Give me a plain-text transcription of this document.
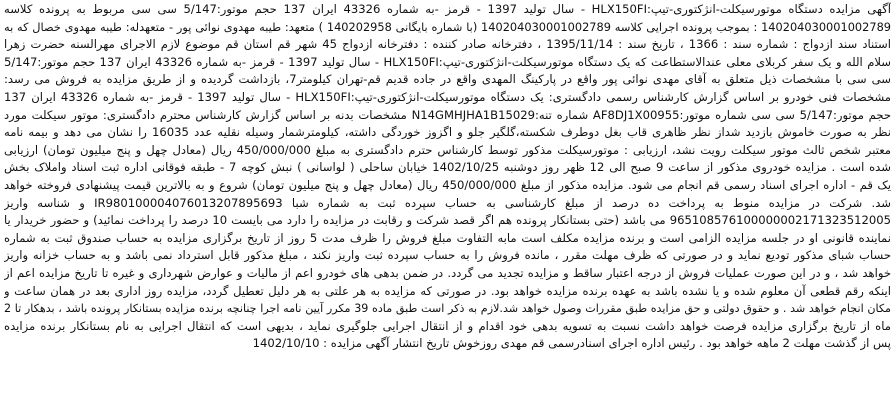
آگهی مزایده دستگاه موتورسیکلت-انژکتوری-تیپ:HLX150FI - سال تولید 1397 - قرمز -به شماره 43326 ایران 137 حجم موتور:5/147 سی سی مربوط به پرونده کلاسه
140204030001002789 : بموجب پرونده اجرایی کلاسه 140204030001002789 (با شماره بایگانی 140202958 ) متعهد: طیبه مهدوی نوائی پور - متعهدله: طیبه مهدوی خصال که به
استناد سند ازدواج : شماره سند : 1366 ، تاریخ سند : 1395/11/14 ، دفترخانه صادر کننده : دفترخانه ازدواج 45 شهر قم استان قم موضوع لازم الاجرای مهرالسنه حضرت زهرا
سلام الله و یک سفر کربلای معلی عندالاستطاعت که یک دستگاه موتورسیکلت-انژکتوری-تیپ:HLX150FI - سال تولید 1397 - قرمز -به شماره 43326 ایران 137 حجم موتور:5/147
سی سی با مشخصات ذیل متعلق به آقای مهدی نوائی پور واقع در پارکینگ المهدی واقع در جاده قدیم قم-تهران کیلومتر7، بازداشت گردیده و از طریق مزایده به فروش می رسد:
مشخصات فنی خودرو بر اساس گزارش کارشناس رسمی دادگستری: یک دستگاه موتورسیکلت-انژکتوری-تیپ:HLX150FI - سال تولید 1397 - قرمز -به شماره 43326 ایران 137
حجم موتور:5/147 سی سی شماره موتور:AF8DJ1X00955 شماره تنه:N14GMHJHA1B15029 مشخصات بدنه بر اساس گزارش کارشناس محترم دادگستری: موتور سیکلت مورد
نظر به صورت خاموش بازدید شداز نظر ظاهری قاب بغل دوطرف شکسته،گلگیر جلو و اگزوز خوردگی داشته، کیلومترشمار وسیله نقلیه عدد 16035 را نشان می دهد و بیمه نامه
معتبر شخص ثالث موتور سیکلت رویت نشد، ارزیابی : موتورسیکلت مذکور توسط کارشناس حترم دادگستری به مبلغ 450/000/000 ریال (معادل چهل و پنج میلیون تومان) ارزیابی
شده است . مزایده خودروی مذکور از ساعت 9 صبح الی 12 ظهر روز دوشنبه 1402/10/25 خیابان ساحلی ( لواسانی ) نبش کوچه 7 - طبقه فوقانی اداره ثبت اسناد واملاک بخش
یک قم - اداره اجرای اسناد رسمی قم انجام می شود. مزایده مذکور از مبلغ 450/000/000 ریال (معادل چهل و پنج میلیون تومان) شروع و به بالاترین قیمت پیشنهادی فروخته خواهد
شد. شرکت در مزایده منوط به پرداخت ده درصد از مبلغ کارشناسی به حساب سپرده ثبت به شماره شبا IR980100004076013207895693 و شناسه واریز
965108576100000002171323512005 می باشد (حتی بستانکار پرونده هم اگر قصد شرکت و رقابت در مزایده را دارد می بایست 10 درصد را پرداخت نمائید) و حضور خریدار یا
نماینده قانونی او در جلسه مزایده الزامی است و برنده مزایده مکلف است مابه التفاوت مبلغ فروش را ظرف مدت 5 روز از تاریخ برگزاری مزایده به حساب صندوق ثبت به شماره
حساب شبای مذکور تودیع نماید و در صورتی که ظرف مهلت مقرر ، مانده فروش را به حساب سپرده ثبت واریز نکند ، مبلغ مذکور قابل استرداد نمی باشد و به حساب خزانه واریز
خواهد شد ، و در این صورت عملیات فروش از درجه اعتبار ساقط و مزایده تجدید می گردد. در ضمن بدهی های خودرو اعم از مالیات و عوارض شهرداری و غیره تا تاریخ مزایده اعم از
اینکه رقم قطعی آن معلوم شده و یا نشده باشد به عهده برنده مزایده خواهد بود. در صورتی که مزایده به هر علتی به هر دلیل تعطیل گردد، مزایده روز اداری بعد در همان ساعت و
مکان انجام خواهد شد . و حقوق دولتی و حق مزایده طبق مقررات وصول خواهد شد.لازم به ذکر است طبق ماده 39 مکرر آیین نامه اجرا چنانچه برنده مزایده بستانکار پرونده باشد ، بدهکار تا 2
ماه از تاریخ برگزاری مزایده فرصت خواهد داشت نسبت به تسویه بدهی خود اقدام و از انتقال اجرایی جلوگیری نماید ، بدیهی است که انتقال اجرایی به نام بستانکار برنده مزایده
پس از گذشت مهلت 2 ماهه خواهد بود . رئیس اداره اجرای اسنادرسمی قم مهدی روزخوش تاریخ انتشار آگهی مزایده : 1402/10/10
